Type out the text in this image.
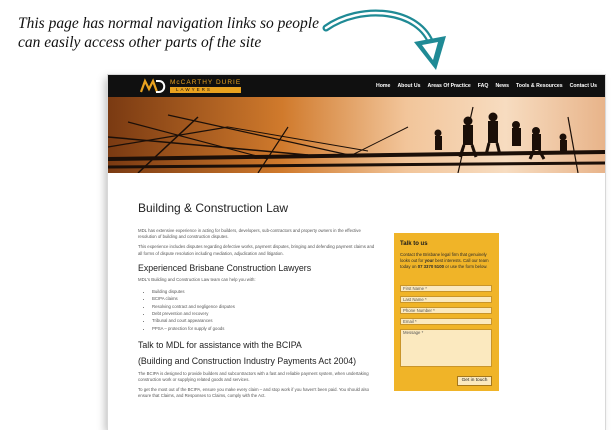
This page has normal navigation links so people
can easily access other parts of the site
McCARTHY DURIE
LAWYERS
Home About Us Areas Of Practice FAQ News Tools & Resources Contact Us
Building & Construction Law

MDL has extensive experience in acting for builders, developers, sub-contractors and property owners in the effective resolution of building and construction disputes.

This experience includes disputes regarding defective works, payment disputes, bringing and defending payment claims and all forms of dispute resolution including mediation, adjudication and litigation.

Experienced Brisbane Construction Lawyers

MDL's Building and Construction Law team can help you with:

• Building disputes
• BCIPA claims
• Resolving contract and negligence disputes
• Debt prevention and recovery
• Tribunal and court appearances
• PPSA – protection for supply of goods
Talk to MDL for assistance with the BCIPA
(Building and Construction Industry Payments Act 2004)

The BCIPA is designed to provide builders and subcontractors with a fast and reliable payment system, when undertaking construction work or supplying related goods and services.

To get the most out of the BCIPA, ensure you make every claim – and stop work if you haven't been paid. You should also ensure that Claims, and Responses to Claims, comply with the Act.

Talk to us
Contact the Brisbane legal firm that genuinely looks out for your best interests. Call our team today on 07 3370 5100 or use the form below.
First Name *
Last Name *
Phone Number *
Email *
Message *
Get in touch
